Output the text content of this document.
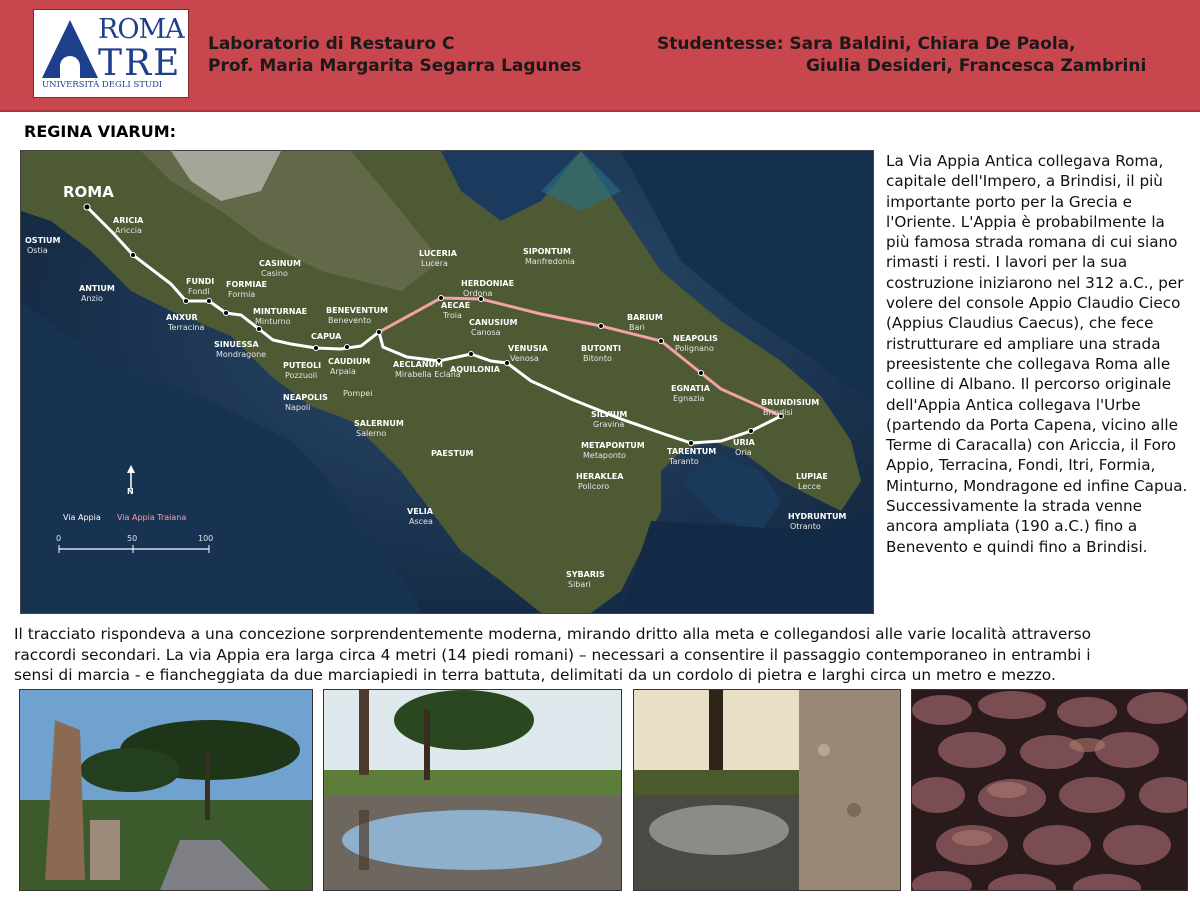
ROMA
TRE
UNIVERSITÀ DEGLI STUDI
Laboratorio di Restauro C
Prof. Maria Margarita Segarra Lagunes
Studentesse: Sara Baldini, Chiara De Paola,
Giulia Desideri, Francesca Zambrini
REGINA VIARUM:
ROMA
ARICIA
Ariccia
OSTIUM
Ostia
ANTIUM
Anzio
CASINUM
Casino
FUNDI
Fondi
FORMIAE
Formia
ANXUR
Terracina
MINTURNAE
Minturno
SINUESSA
Mondragone
CAPUA
BENEVENTUM
Benevento
CAUDIUM
Arpaia
PUTEOLI
Pozzuoli
NEAPOLIS
Napoli
Pompei
SALERNUM
Salerno
AECLANUM
Mirabella Eclana
AQUILONIA
LUCERIA
Lucera
AECAE
Troia
HERDONIAE
Ordona
SIPONTUM
Manfredonia
CANUSIUM
Canosa
VENUSIA
Venosa
BUTONTI
Bitonto
BARIUM
Bari
NEAPOLIS
Polignano
EGNATIA
Egnazia	BRUNDISIUM
Brindisi
SILVIUM
Gravina
METAPONTUM
Metaponto	TARENTUM
Taranto
URIA
Oria
HERAKLEA
Policoro
PAESTUM
LUPIAE
Lecce
HYDRUNTUM
Otranto
VELIA
Ascea
SYBARIS
Sibari
N
Via Appia Via Appia Traiana
0	50	100
La Via Appia Antica collegava Roma, capitale dell'Impero, a Brindisi, il più importante porto per la Grecia e l'Oriente. L'Appia è probabilmente la più famosa strada romana di cui siano rimasti i resti. I lavori per la sua costruzione iniziarono nel 312 a.C., per volere del console Appio Claudio Cieco (Appius Claudius Caecus), che fece ristrutturare ed ampliare una strada preesistente che collegava Roma alle colline di Albano. Il percorso originale dell'Appia Antica collegava l'Urbe (partendo da Porta Capena, vicino alle Terme di Caracalla) con Ariccia, il Foro Appio, Terracina, Fondi, Itri, Formia, Minturno, Mondragone ed infine Capua. Successivamente la strada venne ancora ampliata (190 a.C.) fino a Benevento e quindi fino a Brindisi.
Il tracciato rispondeva a una concezione sorprendentemente moderna, mirando dritto alla meta e collegandosi alle varie località attraverso
raccordi secondari. La via Appia era larga circa 4 metri (14 piedi romani) – necessari a consentire il passaggio contemporaneo in entrambi i
sensi di marcia - e fiancheggiata da due marciapiedi in terra battuta, delimitati da un cordolo di pietra e larghi circa un metro e mezzo.
